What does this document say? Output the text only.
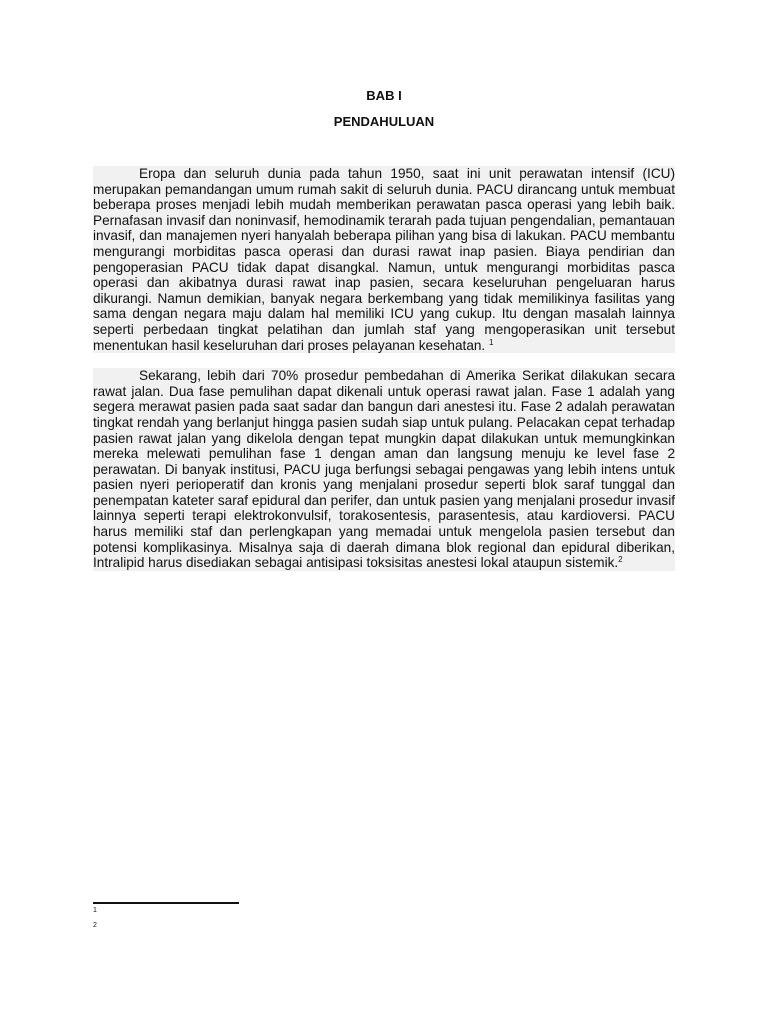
BAB I
PENDAHULUAN

Eropa dan seluruh dunia pada tahun 1950, saat ini unit perawatan intensif (ICU) merupakan pemandangan umum rumah sakit di seluruh dunia. PACU dirancang untuk membuat beberapa proses menjadi lebih mudah memberikan perawatan pasca operasi yang lebih baik. Pernafasan invasif dan noninvasif, hemodinamik terarah pada tujuan pengendalian, pemantauan invasif, dan manajemen nyeri hanyalah beberapa pilihan yang bisa di lakukan. PACU membantu mengurangi morbiditas pasca operasi dan durasi rawat inap pasien. Biaya pendirian dan pengoperasian PACU tidak dapat disangkal. Namun, untuk mengurangi morbiditas pasca operasi dan akibatnya durasi rawat inap pasien, secara keseluruhan pengeluaran harus dikurangi. Namun demikian, banyak negara berkembang yang tidak memilikinya fasilitas yang sama dengan negara maju dalam hal memiliki ICU yang cukup. Itu dengan masalah lainnya seperti perbedaan tingkat pelatihan dan jumlah staf yang mengoperasikan unit tersebut menentukan hasil keseluruhan dari proses pelayanan kesehatan. $^1$

Sekarang, lebih dari 70% prosedur pembedahan di Amerika Serikat dilakukan secara rawat jalan. Dua fase pemulihan dapat dikenali untuk operasi rawat jalan. Fase 1 adalah yang segera merawat pasien pada saat sadar dan bangun dari anestesi itu. Fase 2 adalah perawatan tingkat rendah yang berlanjut hingga pasien sudah siap untuk pulang. Pelacakan cepat terhadap pasien rawat jalan yang dikelola dengan tepat mungkin dapat dilakukan untuk memungkinkan mereka melewati pemulihan fase 1 dengan aman dan langsung menuju ke level fase 2 perawatan. Di banyak institusi, PACU juga berfungsi sebagai pengawas yang lebih intens untuk pasien nyeri perioperatif dan kronis yang menjalani prosedur seperti blok saraf tunggal dan penempatan kateter saraf epidural dan perifer, dan untuk pasien yang menjalani prosedur invasif lainnya seperti terapi elektrokonvulsif, torakosentesis, parasentesis, atau kardioversi. PACU harus memiliki staf dan perlengkapan yang memadai untuk mengelola pasien tersebut dan potensi komplikasinya. Misalnya saja di daerah dimana blok regional dan epidural diberikan, Intralipid harus disediakan sebagai antisipasi toksisitas anestesi lokal ataupun sistemik.$^2$

1
2
